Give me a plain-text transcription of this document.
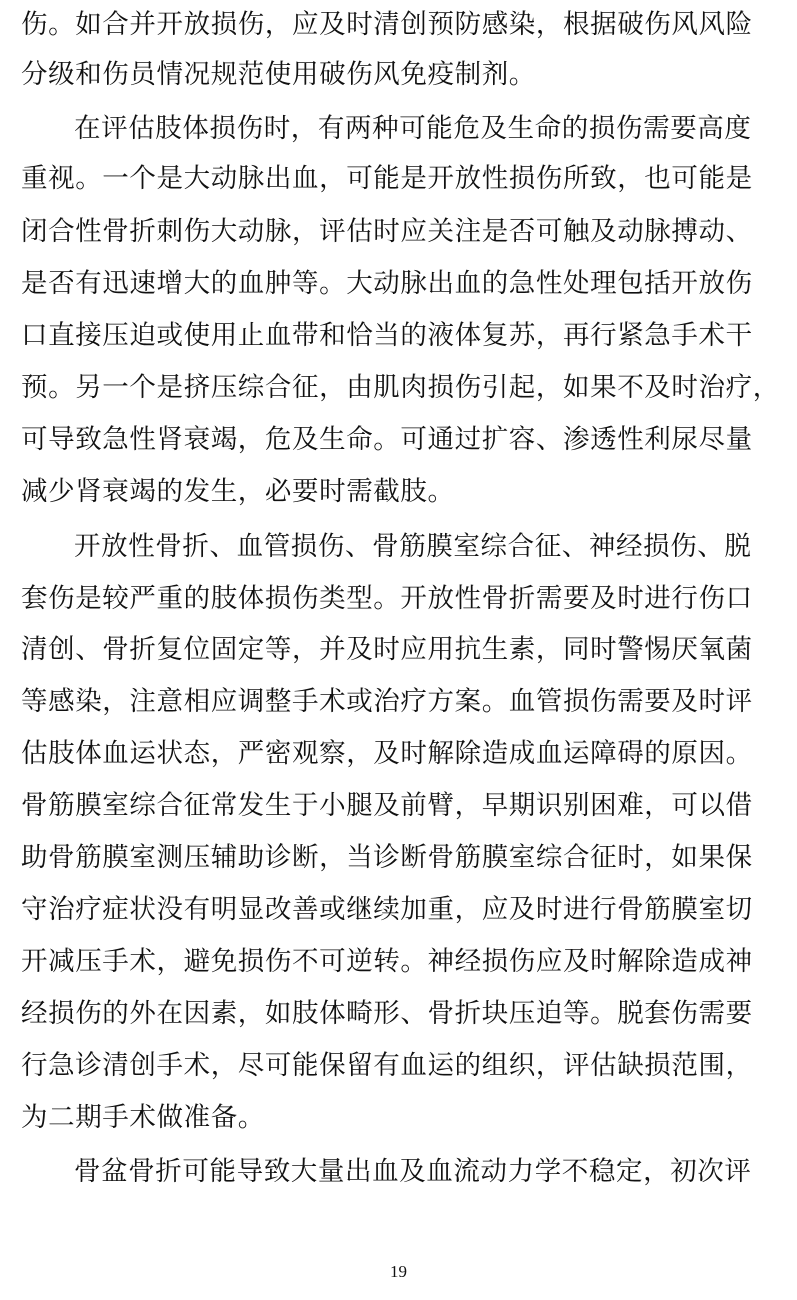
伤。如合并开放损伤，应及时清创预防感染，根据破伤风风险
分级和伤员情况规范使用破伤风免疫制剂。
在评估肢体损伤时，有两种可能危及生命的损伤需要高度
重视。一个是大动脉出血，可能是开放性损伤所致，也可能是
闭合性骨折刺伤大动脉，评估时应关注是否可触及动脉搏动、
是否有迅速增大的血肿等。大动脉出血的急性处理包括开放伤
口直接压迫或使用止血带和恰当的液体复苏，再行紧急手术干
预。另一个是挤压综合征，由肌肉损伤引起，如果不及时治疗，
可导致急性肾衰竭，危及生命。可通过扩容、渗透性利尿尽量
减少肾衰竭的发生，必要时需截肢。
开放性骨折、血管损伤、骨筋膜室综合征、神经损伤、脱
套伤是较严重的肢体损伤类型。开放性骨折需要及时进行伤口
清创、骨折复位固定等，并及时应用抗生素，同时警惕厌氧菌
等感染，注意相应调整手术或治疗方案。血管损伤需要及时评
估肢体血运状态，严密观察，及时解除造成血运障碍的原因。
骨筋膜室综合征常发生于小腿及前臂，早期识别困难，可以借
助骨筋膜室测压辅助诊断，当诊断骨筋膜室综合征时，如果保
守治疗症状没有明显改善或继续加重，应及时进行骨筋膜室切
开减压手术，避免损伤不可逆转。神经损伤应及时解除造成神
经损伤的外在因素，如肢体畸形、骨折块压迫等。脱套伤需要
行急诊清创手术，尽可能保留有血运的组织，评估缺损范围，
为二期手术做准备。
骨盆骨折可能导致大量出血及血流动力学不稳定，初次评
19
